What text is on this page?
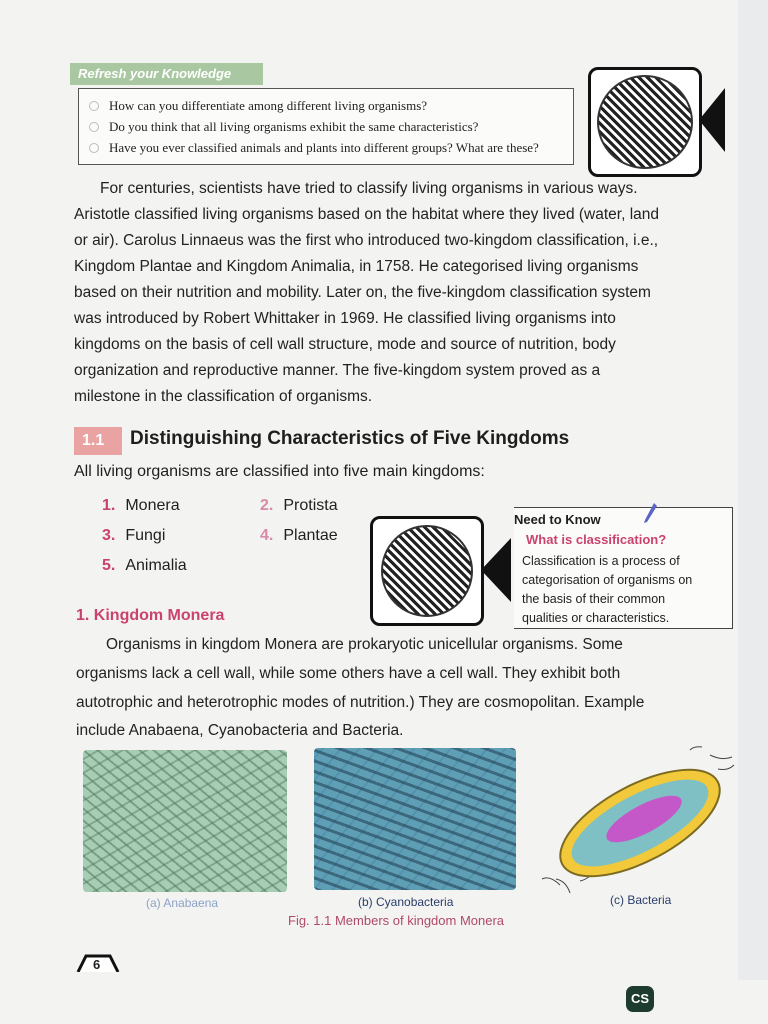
Refresh your Knowledge
How can you differentiate among different living organisms?
Do you think that all living organisms exhibit the same characteristics?
Have you ever classified animals and plants into different groups? What are these?
For centuries, scientists have tried to classify living organisms in various ways.
Aristotle classified living organisms based on the habitat where they lived (water, land
or air). Carolus Linnaeus was the first who introduced two-kingdom classification, i.e.,
Kingdom Plantae and Kingdom Animalia, in 1758. He categorised living organisms
based on their nutrition and mobility. Later on, the five-kingdom classification system
was introduced by Robert Whittaker in 1969. He classified living organisms into
kingdoms on the basis of cell wall structure, mode and source of nutrition, body
organization and reproductive manner. The five-kingdom system proved as a
milestone in the classification of organisms.
1.1	Distinguishing Characteristics of Five Kingdoms
All living organisms are classified into five main kingdoms:
1. Monera	2. Protista
3. Fungi	4. Plantae
5. Animalia
Need to Know
What is classification?
Classification is a process of
categorisation of organisms on
the basis of their common
qualities or characteristics.
1. Kingdom Monera
Organisms in kingdom Monera are prokaryotic unicellular organisms. Some
organisms lack a cell wall, while some others have a cell wall. They exhibit both
autotrophic and heterotrophic modes of nutrition.) They are cosmopolitan. Example
include Anabaena, Cyanobacteria and Bacteria.
(a) Anabaena	(b) Cyanobacteria	(c) Bacteria
Fig. 1.1 Members of kingdom Monera
6
CS
